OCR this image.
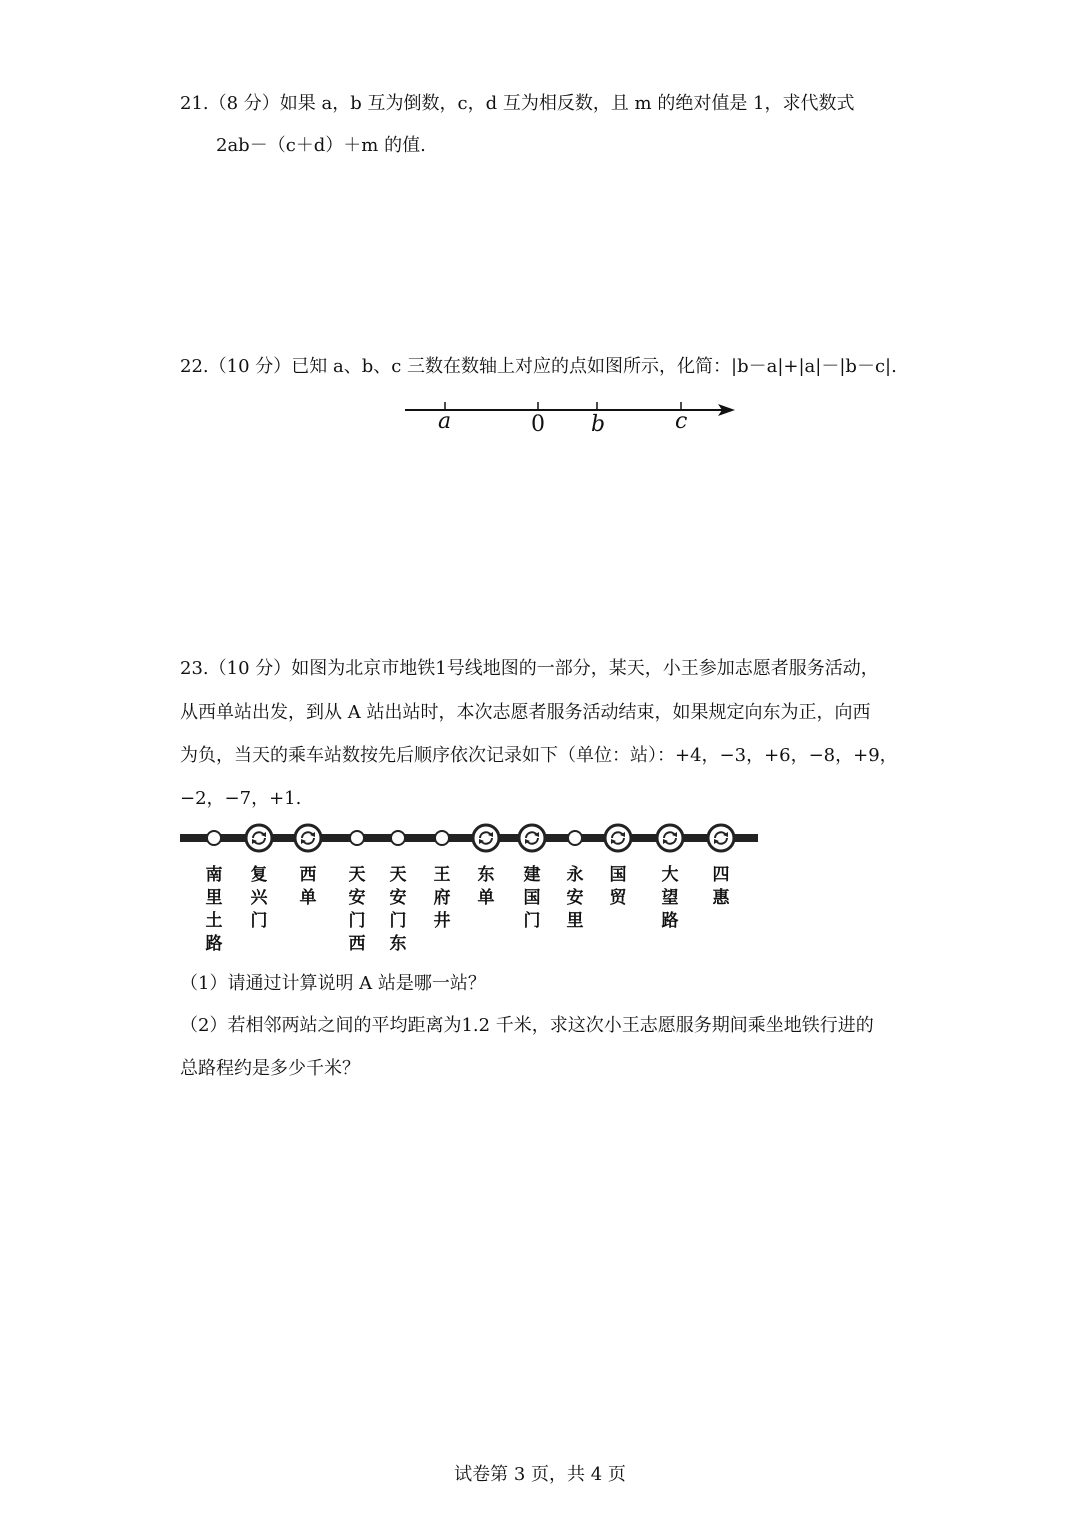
21.（8 分）如果 a，b 互为倒数，c，d 互为相反数，且 m 的绝对值是 1，求代数式
2ab－（c＋d）＋m 的值.
22.（10 分）已知 a、b、c 三数在数轴上对应的点如图所示，化简：|b－a|+|a|－|b－c|.
a	0 b	c
23.（10 分）如图为北京市地铁1号线地图的一部分，某天，小王参加志愿者服务活动，
从西单站出发，到从 A 站出站时，本次志愿者服务活动结束，如果规定向东为正，向西
为负，当天的乘车站数按先后顺序依次记录如下（单位：站）：+4，−3，+6，−8，+9，
−2，−7，+1.
南
里
土
路
复
兴
门
西
单
天
安
门
西
天
安
门
东
王
府
井
东
单
建
国
门
永
安
里
国
贸
大
望
路
四
惠
（1）请通过计算说明 A 站是哪一站？
（2）若相邻两站之间的平均距离为1.2 千米，求这次小王志愿服务期间乘坐地铁行进的
总路程约是多少千米？
试卷第 3 页，共 4 页
